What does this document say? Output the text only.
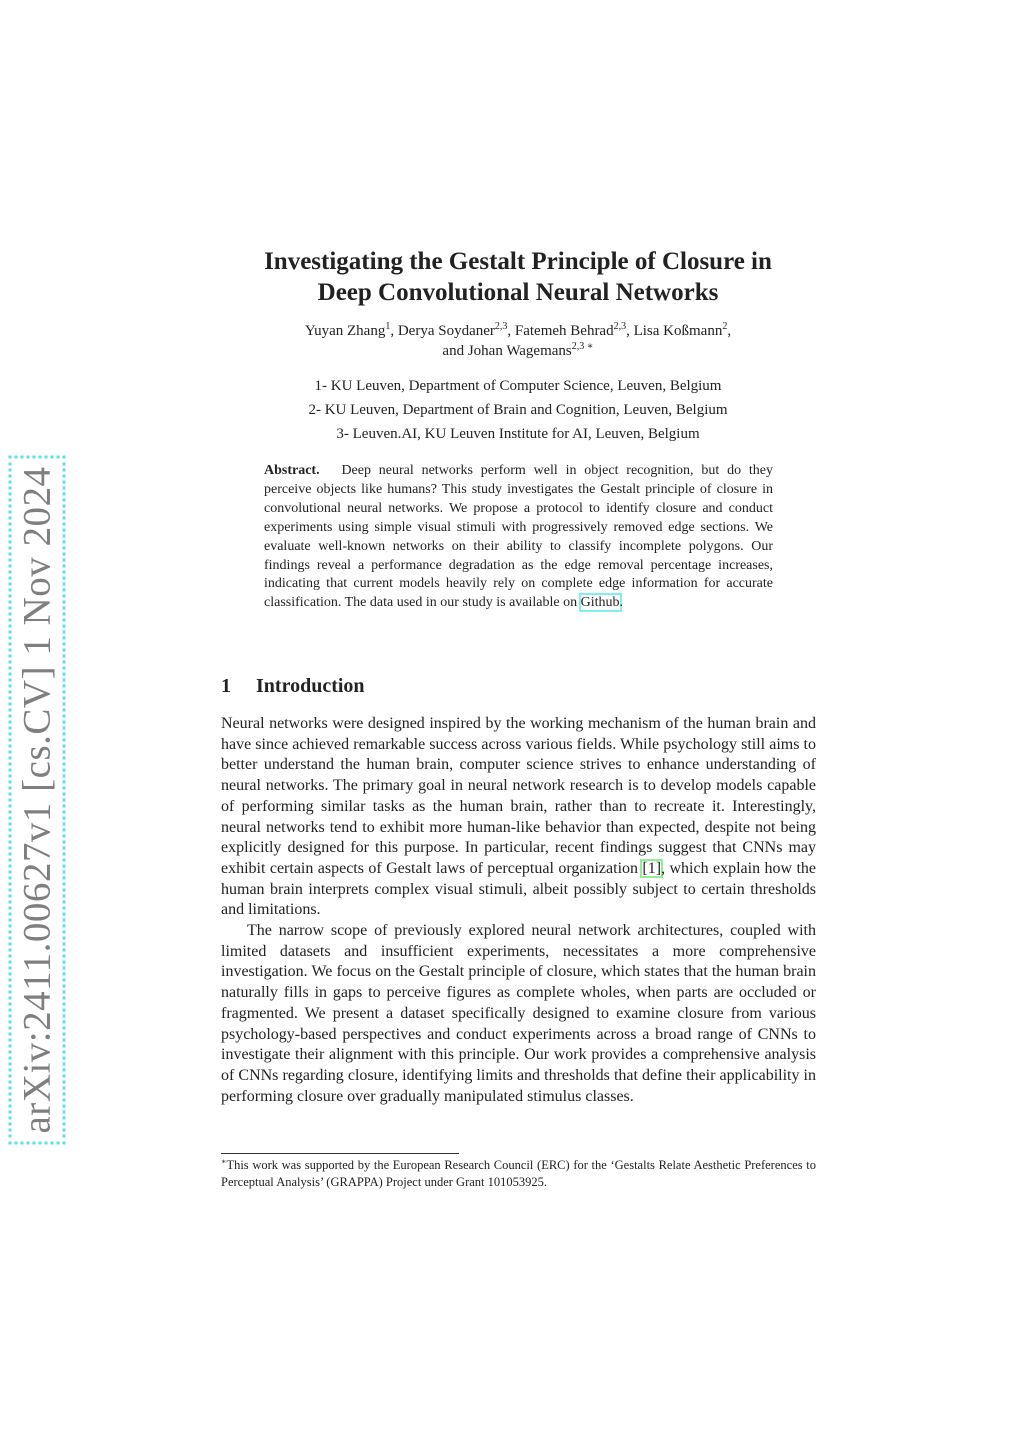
arXiv:2411.00627v1 [cs.CV] 1 Nov 2024
Investigating the Gestalt Principle of Closure in
Deep Convolutional Neural Networks
Yuyan Zhang$^1$, Derya Soydaner$^{2,3}$, Fatemeh Behrad$^{2,3}$, Lisa Koßmann$^2$,
and Johan Wagemans$^{2,3}$ ∗
1- KU Leuven, Department of Computer Science, Leuven, Belgium
2- KU Leuven, Department of Brain and Cognition, Leuven, Belgium
3- Leuven.AI, KU Leuven Institute for AI, Leuven, Belgium
Abstract. Deep neural networks perform well in object recognition, but do they perceive objects like humans? This study investigates the Gestalt principle of closure in convolutional neural networks. We propose a protocol to identify closure and conduct experiments using simple visual stimuli with progressively removed edge sections. We evaluate well-known networks on their ability to classify incomplete polygons. Our findings reveal a performance degradation as the edge removal percentage increases, indicating that current models heavily rely on complete edge information for accurate classification. The data used in our study is available on Github.
1 Introduction

Neural networks were designed inspired by the working mechanism of the human brain and have since achieved remarkable success across various fields. While psychology still aims to better understand the human brain, computer science strives to enhance understanding of neural networks. The primary goal in neural network research is to develop models capable of performing similar tasks as the human brain, rather than to recreate it. Interestingly, neural networks tend to exhibit more human-like behavior than expected, despite not being explicitly designed for this purpose. In particular, recent findings suggest that CNNs may exhibit certain aspects of Gestalt laws of perceptual organization [1], which explain how the human brain interprets complex visual stimuli, albeit possibly subject to certain thresholds and limitations.

The narrow scope of previously explored neural network architectures, coupled with limited datasets and insufficient experiments, necessitates a more comprehensive investigation. We focus on the Gestalt principle of closure, which states that the human brain naturally fills in gaps to perceive figures as complete wholes, when parts are occluded or fragmented. We present a dataset specifically designed to examine closure from various psychology-based perspectives and conduct experiments across a broad range of CNNs to investigate their alignment with this principle. Our work provides a comprehensive analysis of CNNs regarding closure, identifying limits and thresholds that define their applicability in performing closure over gradually manipulated stimulus classes.

∗This work was supported by the European Research Council (ERC) for the ‘Gestalts Relate Aesthetic Preferences to Perceptual Analysis’ (GRAPPA) Project under Grant 101053925.
